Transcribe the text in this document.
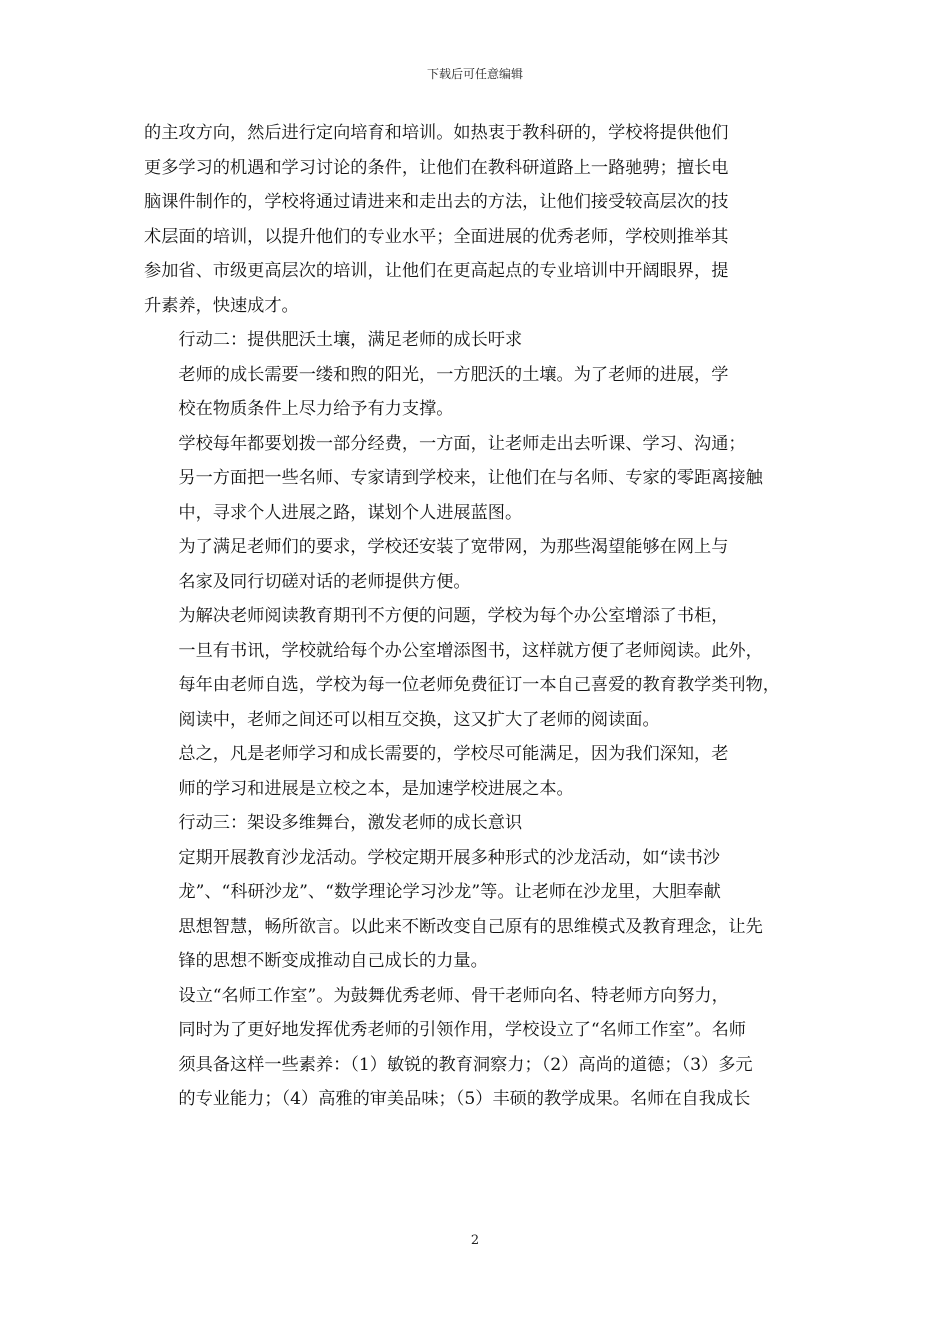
下载后可任意编辑

的主攻方向，然后进行定向培育和培训。如热衷于教科研的，学校将提供他们
更多学习的机遇和学习讨论的条件，让他们在教科研道路上一路驰骋；擅长电
脑课件制作的，学校将通过请进来和走出去的方法，让他们接受较高层次的技
术层面的培训，以提升他们的专业水平；全面进展的优秀老师，学校则推举其
参加省、市级更高层次的培训，让他们在更高起点的专业培训中开阔眼界，提
升素养，快速成才。

行动二：提供肥沃土壤，满足老师的成长吁求

老师的成长需要一缕和煦的阳光，一方肥沃的土壤。为了老师的进展，学
校在物质条件上尽力给予有力支撑。

学校每年都要划拨一部分经费，一方面，让老师走出去听课、学习、沟通；
另一方面把一些名师、专家请到学校来，让他们在与名师、专家的零距离接触
中，寻求个人进展之路，谋划个人进展蓝图。

为了满足老师们的要求，学校还安装了宽带网，为那些渴望能够在网上与
名家及同行切磋对话的老师提供方便。

为解决老师阅读教育期刊不方便的问题，学校为每个办公室增添了书柜，
一旦有书讯，学校就给每个办公室增添图书，这样就方便了老师阅读。此外，
每年由老师自选，学校为每一位老师免费征订一本自己喜爱的教育教学类刊物，
阅读中，老师之间还可以相互交换，这又扩大了老师的阅读面。

总之，凡是老师学习和成长需要的，学校尽可能满足，因为我们深知，老
师的学习和进展是立校之本，是加速学校进展之本。

行动三：架设多维舞台，激发老师的成长意识

定期开展教育沙龙活动。学校定期开展多种形式的沙龙活动，如“读书沙
龙”、“科研沙龙”、“数学理论学习沙龙”等。让老师在沙龙里，大胆奉献
思想智慧，畅所欲言。以此来不断改变自己原有的思维模式及教育理念，让先
锋的思想不断变成推动自己成长的力量。

设立“名师工作室”。为鼓舞优秀老师、骨干老师向名、特老师方向努力，
同时为了更好地发挥优秀老师的引领作用，学校设立了“名师工作室”。名师
须具备这样一些素养：（1）敏锐的教育洞察力；（2）高尚的道德；（3）多元
的专业能力；（4）高雅的审美品味；（5）丰硕的教学成果。名师在自我成长

2
